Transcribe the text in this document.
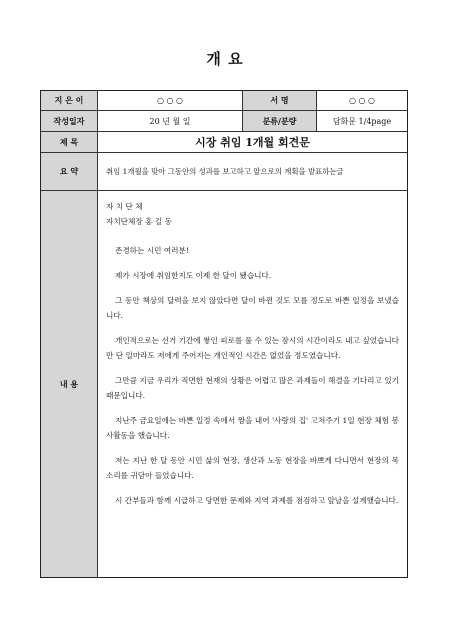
개 요
지 은 이	○ ○ ○	서 명	○ ○ ○
작성일자	20 년 월 일	분류/분량	담화문 1/4page
제 목	시장 취임 1개월 회견문
요 약	취임 1개월을 맞아 그동안의 성과를 보고하고 앞으로의 계획을 발표하는글
내 용

자 치 단 체

자치단체장 홍 길 동

존경하는 시민 여러분!

제가 시장에 취임한지도 이제 한 달이 됐습니다.

그 동안 책상의 달력을 보지 않았다면 달이 바뀐 것도 모를 정도로 바쁜 일정을 보냈습니다.

개인적으로는 선거 기간에 쌓인 피로를 풀 수 있는 잠시의 시간이라도 내고 싶었습니다만 단 일마라도 저에게 주어지는 개인적인 시간은 없었을 정도였습니다.

그만큼 지금 우리가 직면한 현재의 상황은 어렵고 많은 과제들이 해결을 기다리고 있기 때문입니다.

지난주 금요일에는 바쁜 일정 속에서 짬을 내어 '사랑의 집' 고쳐주기 1일 현장 체험 봉사활동을 했습니다.

저는 지난 한 달 동안 시민 삶의 현장, 생산과 노동 현장을 바쁘게 다니면서 현장의 목소리를 귀담아 들었습니다.

시 간부들과 함께 시급하고 당면한 문제와 지역 과제를 점검하고 앞날을 설계했습니다.
